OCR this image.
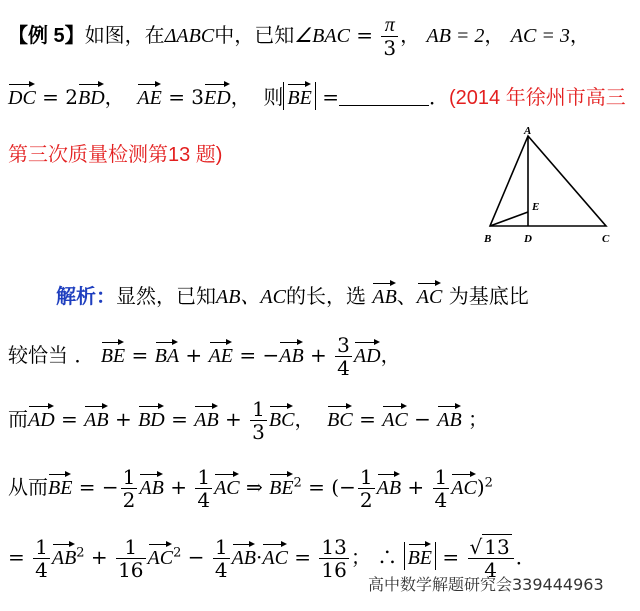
【例 5】如图，在ΔABC中，已知∠BAC = $\frac{\pi}{3}$ ， AB = 2， AC = 3，
DC = 2BD，  AE = 3ED，  则 BE =	．(2014 年徐州市高三
第三次质量检测第13 题)
A
E
B	D	C
解析：显然，已知AB、AC的长，选 AB、AC 为基底比
较恰当 ． BE = BA + AE = $-AB + \frac{3}{4}$ AD，
而AD = AB + BD = AB + $\frac{1}{3}$ BC，  BC = AC − AB ；
从而BE = − $\frac{1}{2}$ AB + $\frac{1}{4}$ AC ⇒ $BE^2$ = (− $\frac{1}{2}$ AB + $\frac{1}{4} AC)^2$
= $\frac{1}{4} AB^2 + \frac{1}{16} AC^2 - \frac{1}{4} AB\cdot AC = \frac{13}{16}$ ； ∴ BE = $\frac{√ 13}{4}$ ．
高中数学解题研究会339444963
